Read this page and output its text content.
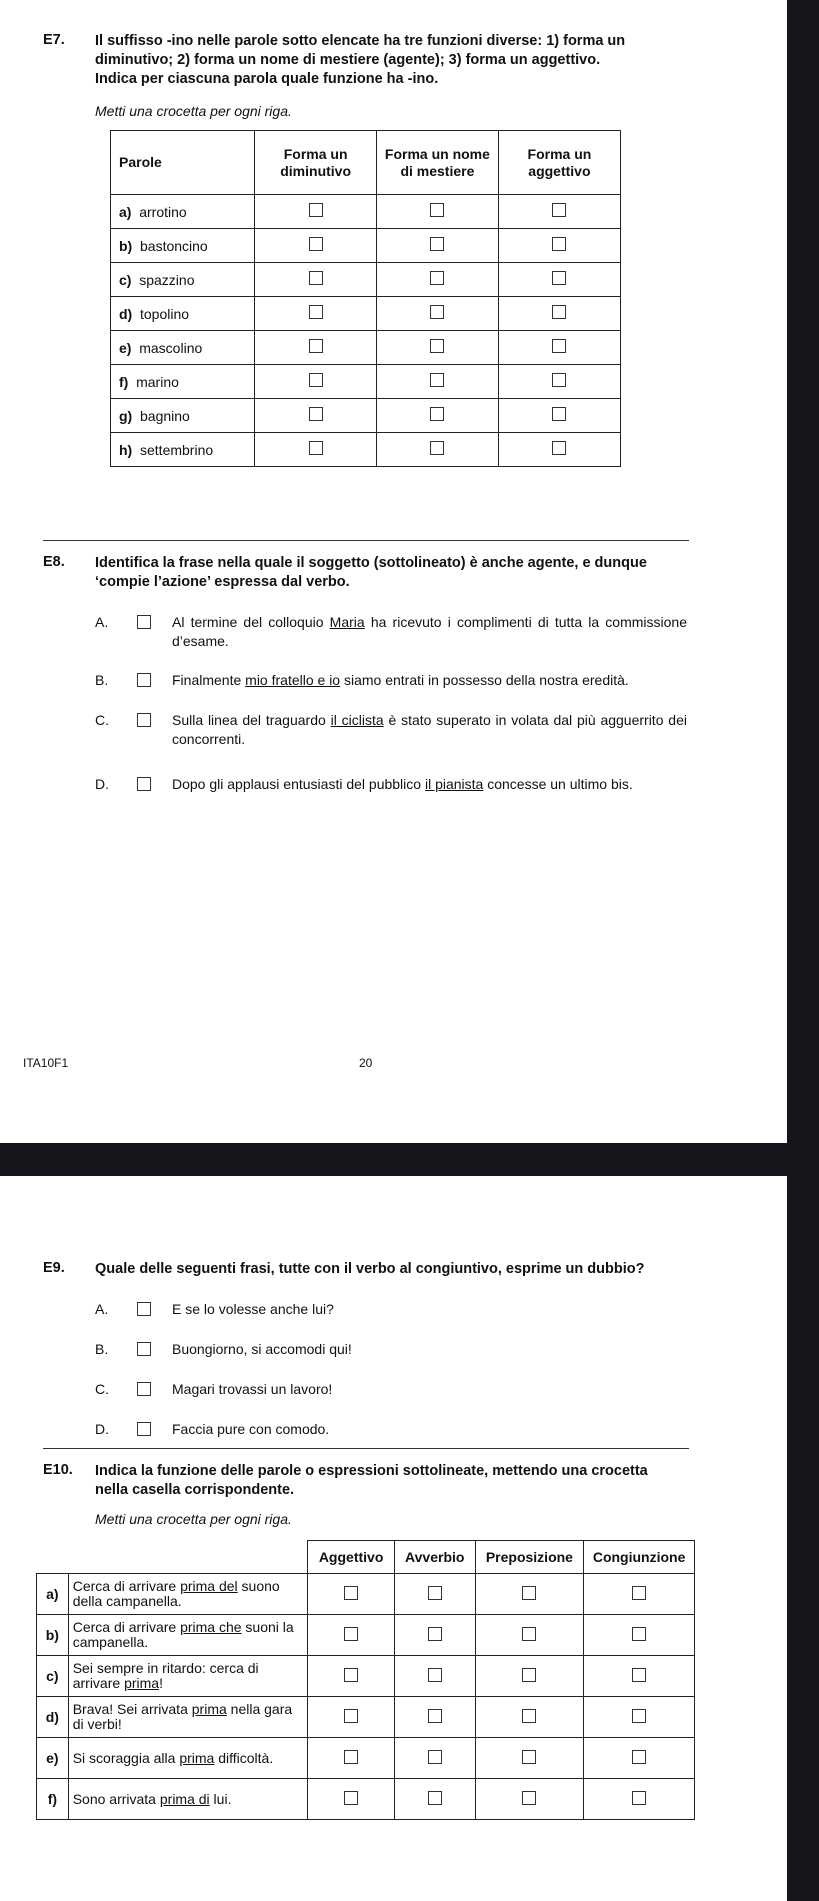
E7. Il suffisso -ino nelle parole sotto elencate ha tre funzioni diverse: 1) forma un
diminutivo; 2) forma un nome di mestiere (agente); 3) forma un aggettivo.
Indica per ciascuna parola quale funzione ha -ino.
Metti una crocetta per ogni riga.
Parole	Forma un diminutivo	Forma un nome di mestiere	Forma un aggettivo
a) arrotino			
b) bastoncino			
c) spazzino			
d) topolino			
e) mascolino			
f) marino			
g) bagnino			
h) settembrino			
E8. Identifica la frase nella quale il soggetto (sottolineato) è anche agente, e dunque
‘compie l’azione’ espressa dal verbo.
ITA10F1	20
A.	Al termine del colloquio Maria ha ricevuto i complimenti di tutta la commissione d’esame.
B.	Finalmente mio fratello e io siamo entrati in possesso della nostra eredità.
C.	Sulla linea del traguardo il ciclista è stato superato in volata dal più agguerrito dei concorrenti.
D.	Dopo gli applausi entusiasti del pubblico il pianista concesse un ultimo bis.
E9. Quale delle seguenti frasi, tutte con il verbo al congiuntivo, esprime un dubbio?
E10. Indica la funzione delle parole o espressioni sottolineate, mettendo una crocetta
nella casella corrispondente.
Metti una crocetta per ogni riga.
		Aggettivo	Avverbio	Preposizione	Congiunzione
a)	Cerca di arrivare prima del suono della campanella.				
b)	Cerca di arrivare prima che suoni la campanella.				
c)	Sei sempre in ritardo: cerca di arrivare prima!				
d)	Brava! Sei arrivata prima nella gara di verbi!				
e)	Si scoraggia alla prima difficoltà.				
f)	Sono arrivata prima di lui.				
A.	E se lo volesse anche lui?
B.	Buongiorno, si accomodi qui!
C.	Magari trovassi un lavoro!
D.	Faccia pure con comodo.
